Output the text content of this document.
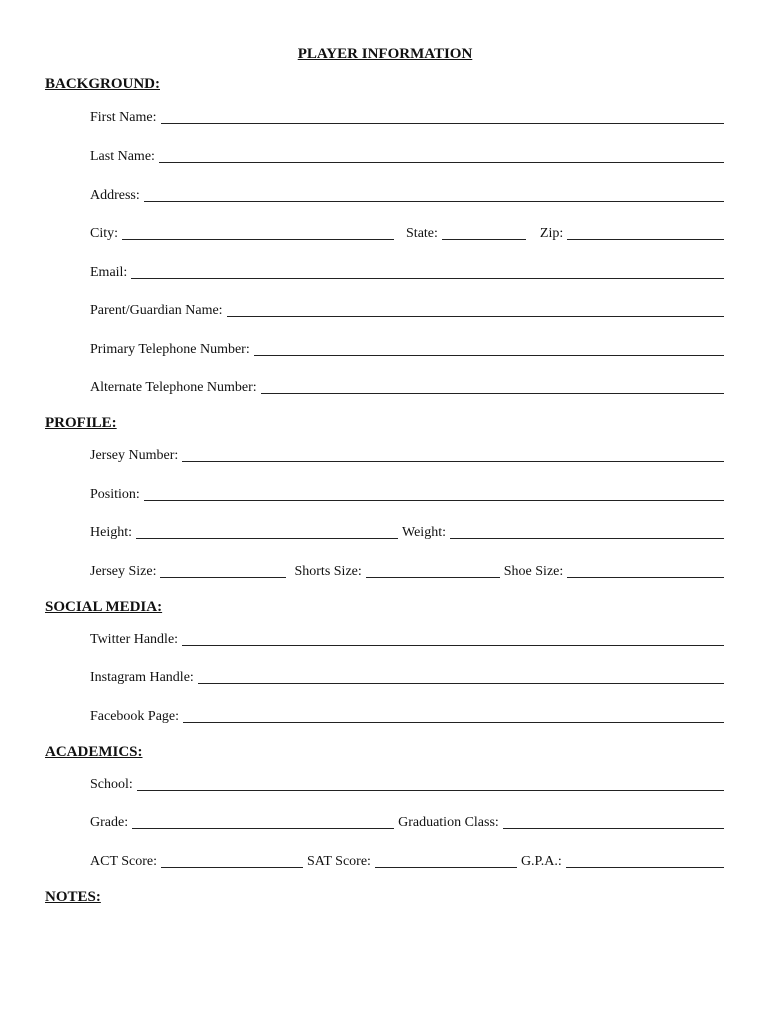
PLAYER INFORMATION
BACKGROUND:
First Name:
Last Name:
Address:
City:	State:	Zip:
Email:
Parent/Guardian Name:
Primary Telephone Number:
Alternate Telephone Number:
PROFILE:
Jersey Number:
Position:
Height:	Weight:
Jersey Size:	Shorts Size:	Shoe Size:
SOCIAL MEDIA:
Twitter Handle:
Instagram Handle:
Facebook Page:
ACADEMICS:
School:
Grade:	Graduation Class:
ACT Score:	SAT Score:	G.P.A.:
NOTES:
